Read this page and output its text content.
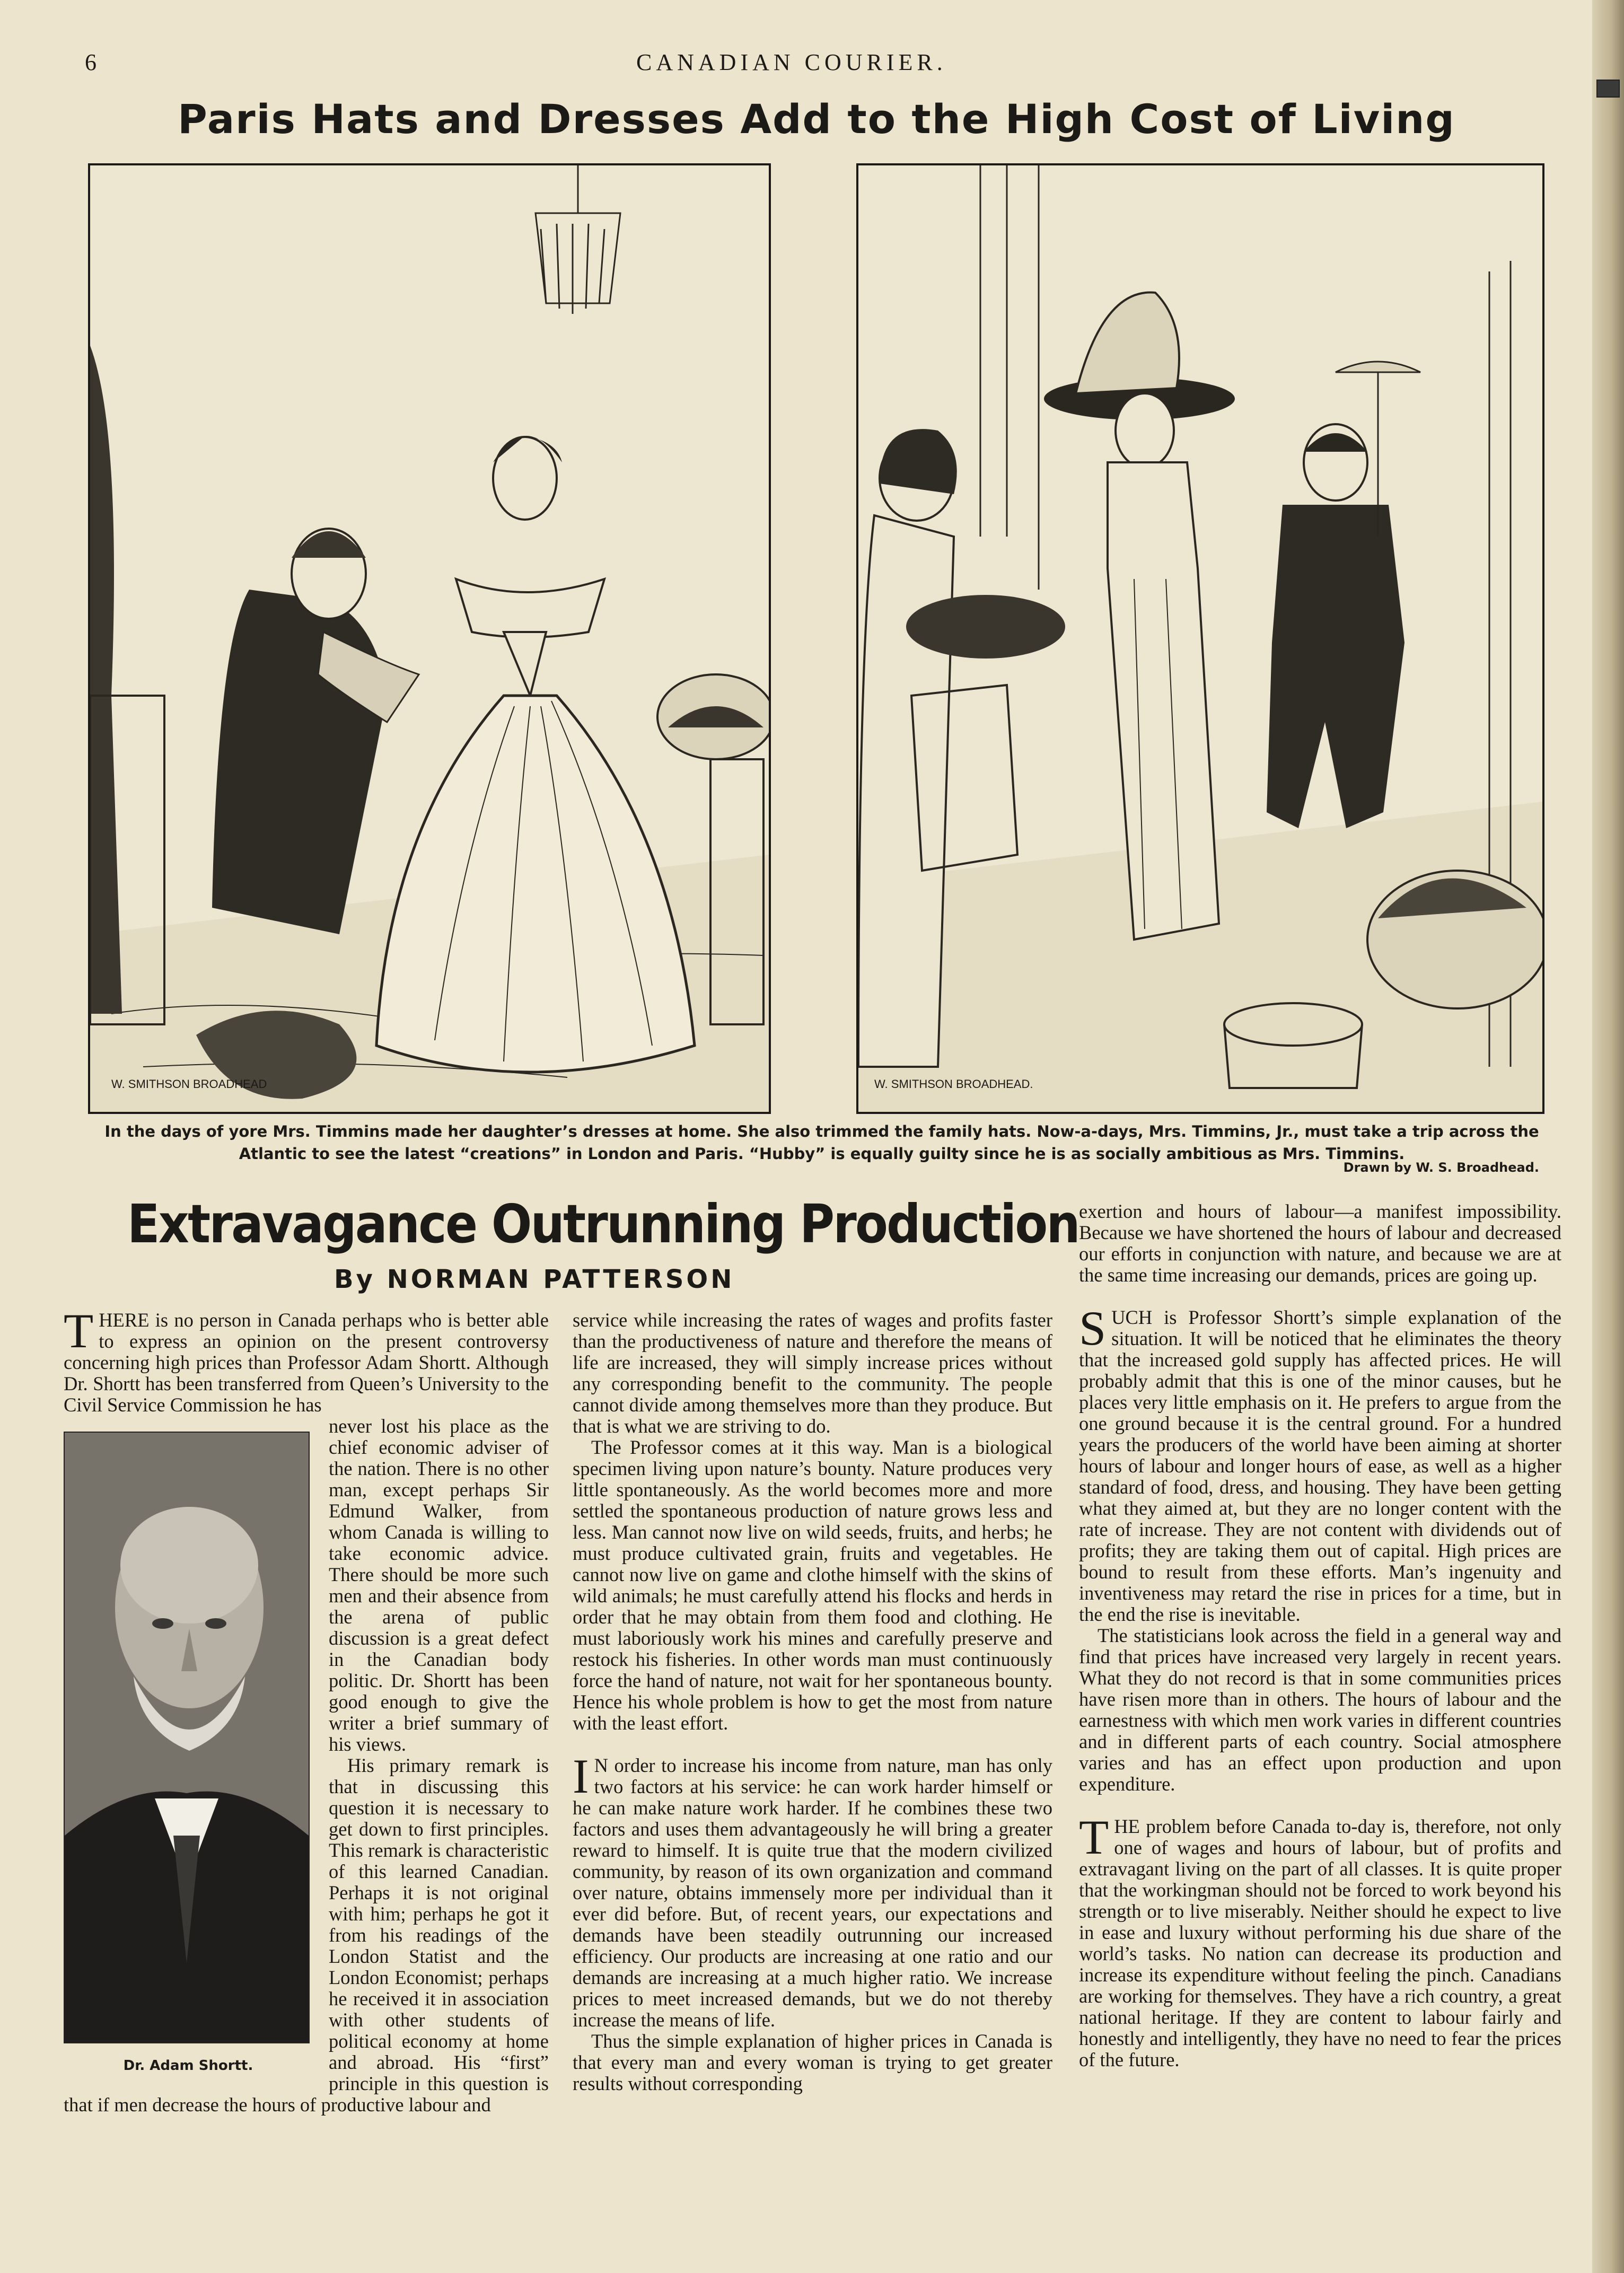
6	CANADIAN COURIER.
Paris Hats and Dresses Add to the High Cost of Living
W. SMITHSON BROADHEAD	W. SMITHSON BROADHEAD.
In the days of yore Mrs. Timmins made her daughter’s dresses at home. She also trimmed the family hats. Now-a-days, Mrs. Timmins, Jr., must take a trip across the Atlantic to see the latest “creations” in London and Paris. “Hubby” is equally guilty since he is as socially ambitious as Mrs. Timmins.
Drawn by W. S. Broadhead.
Extravagance Outrunning Production
By NORMAN PATTERSON

THERE is no person in Canada perhaps who is better able to express an opinion on the present controversy concerning high prices than Professor Adam Shortt. Although Dr. Shortt has been transferred from Queen’s University to the Civil Service Commission he has

Dr. Adam Shortt.

never lost his place as the chief economic adviser of the nation. There is no other man, except perhaps Sir Edmund Walker, from whom Canada is willing to take economic advice. There should be more such men and their absence from the arena of public discussion is a great defect in the Canadian body politic. Dr. Shortt has been good enough to give the writer a brief summary of his views.

His primary remark is that in discussing this question it is necessary to get down to first principles. This remark is characteristic of this learned Canadian. Perhaps it is not original with him; perhaps he got it from his readings of the London Statist and the London Economist; perhaps he received it in association with other students of political economy at home and abroad. His “first” principle in this question is that if men decrease the hours of productive labour and

service while increasing the rates of wages and profits faster than the productiveness of nature and therefore the means of life are increased, they will simply increase prices without any corresponding benefit to the community. The people cannot divide among themselves more than they produce. But that is what we are striving to do.

The Professor comes at it this way. Man is a biological specimen living upon nature’s bounty. Nature produces very little spontaneously. As the world becomes more and more settled the spontaneous production of nature grows less and less. Man cannot now live on wild seeds, fruits, and herbs; he must produce cultivated grain, fruits and vegetables. He cannot now live on game and clothe himself with the skins of wild animals; he must carefully attend his flocks and herds in order that he may obtain from them food and clothing. He must laboriously work his mines and carefully preserve and restock his fisheries. In other words man must continuously force the hand of nature, not wait for her spontaneous bounty. Hence his whole problem is how to get the most from nature with the least effort.

I N order to increase his income from nature, man has only two factors at his service: he can work harder himself or he can make nature work harder. If he combines these two factors and uses them advantageously he will bring a greater reward to himself. It is quite true that the modern civilized community, by reason of its own organization and command over nature, obtains immensely more per individual than it ever did before. But, of recent years, our expectations and demands have been steadily outrunning our increased efficiency. Our products are increasing at one ratio and our demands are increasing at a much higher ratio. We increase prices to meet increased demands, but we do not thereby increase the means of life.

Thus the simple explanation of higher prices in Canada is that every man and every woman is trying to get greater results without corresponding

exertion and hours of labour—a manifest impossibility. Because we have shortened the hours of labour and decreased our efforts in conjunction with nature, and because we are at the same time increasing our demands, prices are going up.

SUCH is Professor Shortt’s simple explanation of the situation. It will be noticed that he eliminates the theory that the increased gold supply has affected prices. He will probably admit that this is one of the minor causes, but he places very little emphasis on it. He prefers to argue from the one ground because it is the central ground. For a hundred years the producers of the world have been aiming at shorter hours of labour and longer hours of ease, as well as a higher standard of food, dress, and housing. They have been getting what they aimed at, but they are no longer content with the rate of increase. They are not content with dividends out of profits; they are taking them out of capital. High prices are bound to result from these efforts. Man’s ingenuity and inventiveness may retard the rise in prices for a time, but in the end the rise is inevitable.

The statisticians look across the field in a general way and find that prices have increased very largely in recent years. What they do not record is that in some communities prices have risen more than in others. The hours of labour and the earnestness with which men work varies in different countries and in different parts of each country. Social atmosphere varies and has an effect upon production and upon expenditure.

THE problem before Canada to-day is, therefore, not only one of wages and hours of labour, but of profits and extravagant living on the part of all classes. It is quite proper that the workingman should not be forced to work beyond his strength or to live miserably. Neither should he expect to live in ease and luxury without performing his due share of the world’s tasks. No nation can decrease its production and increase its expenditure without feeling the pinch. Canadians are working for themselves. They have a rich country, a great national heritage. If they are content to labour fairly and honestly and intelligently, they have no need to fear the prices of the future.
